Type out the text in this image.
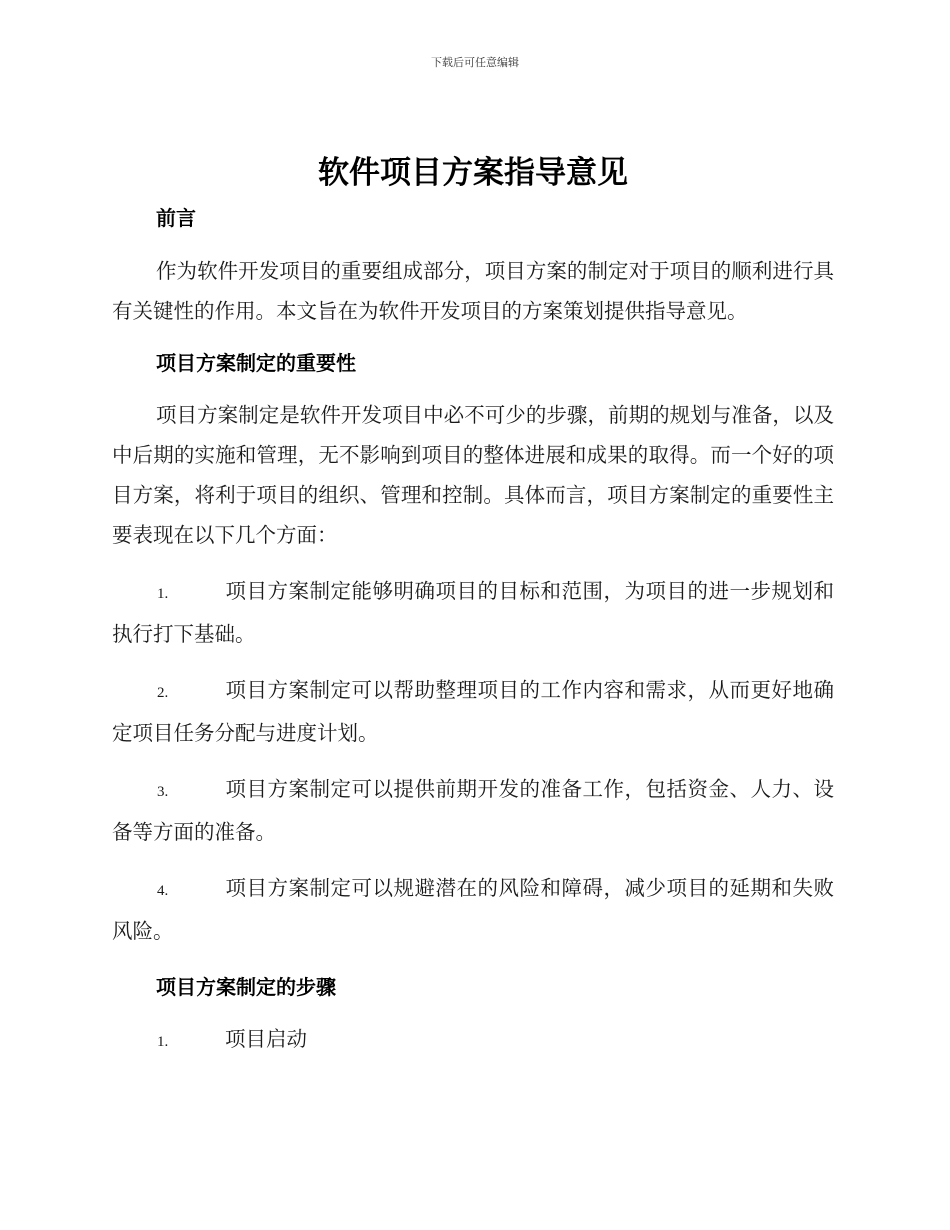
下载后可任意编辑
软件项目方案指导意见
前言

作为软件开发项目的重要组成部分，项目方案的制定对于项目的顺利进行具有关键性的作用。本文旨在为软件开发项目的方案策划提供指导意见。

项目方案制定的重要性

项目方案制定是软件开发项目中必不可少的步骤，前期的规划与准备，以及中后期的实施和管理，无不影响到项目的整体进展和成果的取得。而一个好的项目方案，将利于项目的组织、管理和控制。具体而言，项目方案制定的重要性主要表现在以下几个方面：

1.	项目方案制定能够明确项目的目标和范围，为项目的进一步规划和执行打下基础。

2.	项目方案制定可以帮助整理项目的工作内容和需求，从而更好地确定项目任务分配与进度计划。

3.	项目方案制定可以提供前期开发的准备工作，包括资金、人力、设备等方面的准备。

4.	项目方案制定可以规避潜在的风险和障碍，减少项目的延期和失败风险。

项目方案制定的步骤

1.	项目启动
